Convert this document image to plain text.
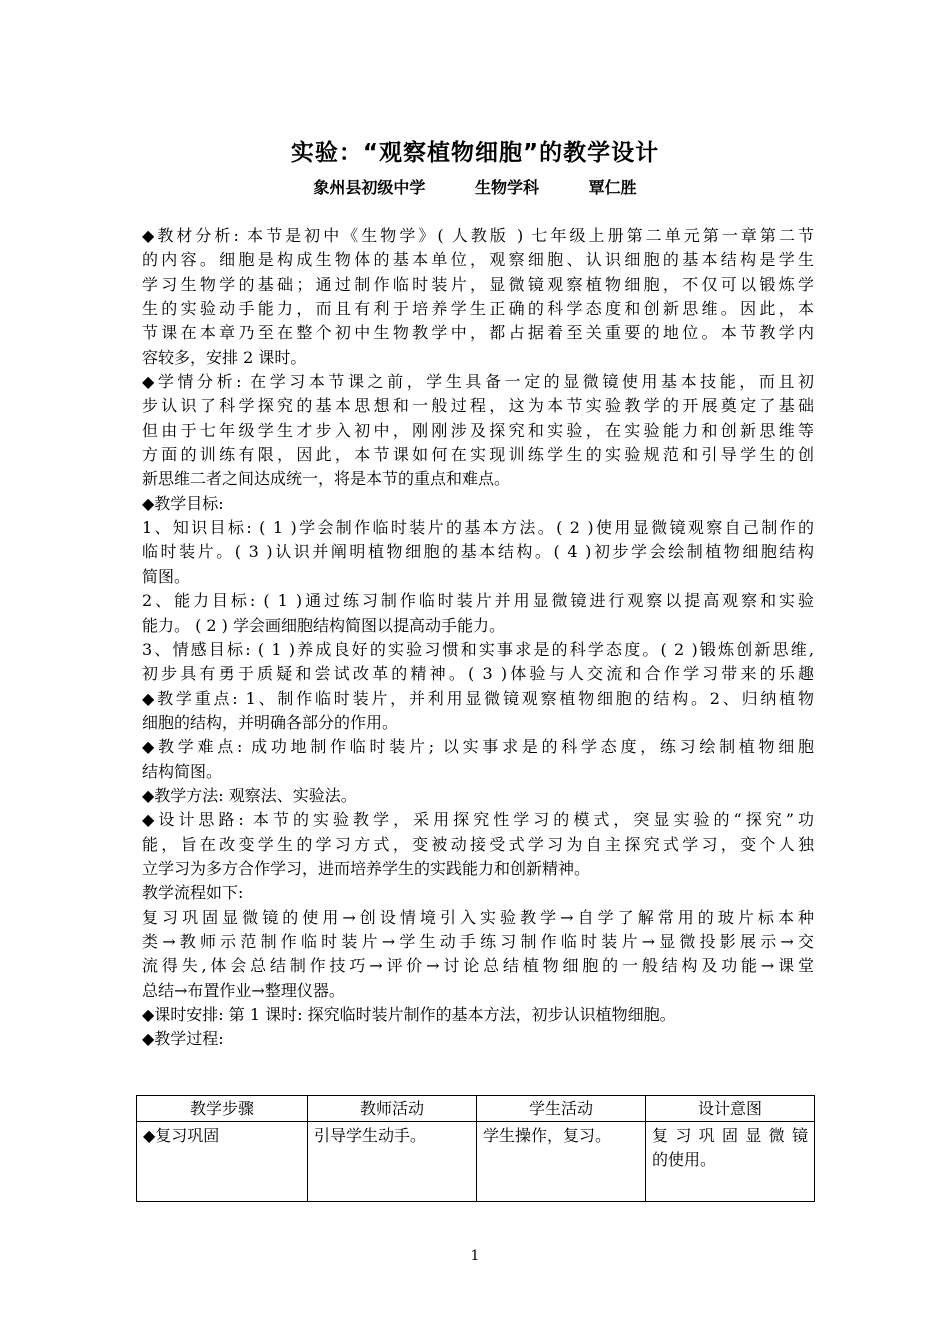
实验：“观察植物细胞”的教学设计
象州县初级中学	生物学科	覃仁胜
◆教材分析: 本节是初中《生物学》( 人教版 ) 七年级上册第二单元第一章第二节
的内容。细胞是构成生物体的基本单位，观察细胞、认识细胞的基本结构是学生
学习生物学的基础；通过制作临时装片，显微镜观察植物细胞，不仅可以锻炼学
生的实验动手能力，而且有利于培养学生正确的科学态度和创新思维。因此，本
节课在本章乃至在整个初中生物教学中，都占据着至关重要的地位。本节教学内
容较多，安排 2 课时。
◆学情分析: 在学习本节课之前，学生具备一定的显微镜使用基本技能，而且初
步认识了科学探究的基本思想和一般过程，这为本节实验教学的开展奠定了基础
但由于七年级学生才步入初中，刚刚涉及探究和实验，在实验能力和创新思维等
方面的训练有限，因此，本节课如何在实现训练学生的实验规范和引导学生的创
新思维二者之间达成统一，将是本节的重点和难点。
◆教学目标:
1、知识目标: ( 1 )学会制作临时装片的基本方法。( 2 )使用显微镜观察自己制作的
临时装片。( 3 )认识并阐明植物细胞的基本结构。( 4 )初步学会绘制植物细胞结构
简图。
2、能力目标: ( 1 )通过练习制作临时装片并用显微镜进行观察以提高观察和实验
能力。 ( 2 ) 学会画细胞结构简图以提高动手能力。
3、情感目标: ( 1 )养成良好的实验习惯和实事求是的科学态度。( 2 )锻炼创新思维,
初步具有勇于质疑和尝试改革的精神。( 3 )体验与人交流和合作学习带来的乐趣
◆教学重点: 1、制作临时装片，并利用显微镜观察植物细胞的结构。2、归纳植物
细胞的结构，并明确各部分的作用。
◆教学难点: 成功地制作临时装片; 以实事求是的科学态度，练习绘制植物细胞
结构简图。
◆教学方法: 观察法、实验法。
◆设计思路: 本节的实验教学，采用探究性学习的模式，突显实验的“探究”功
能，旨在改变学生的学习方式，变被动接受式学习为自主探究式学习，变个人独
立学习为多方合作学习，进而培养学生的实践能力和创新精神。
教学流程如下:
复习巩固显微镜的使用→创设情境引入实验教学→自学了解常用的玻片标本种
类→教师示范制作临时装片→学生动手练习制作临时装片→显微投影展示→交
流得失,体会总结制作技巧→评价→讨论总结植物细胞的一般结构及功能→课堂
总结→布置作业→整理仪器。
◆课时安排: 第 1 课时: 探究临时装片制作的基本方法，初步认识植物细胞。
◆教学过程:
教学步骤	教师活动	学生活动	设计意图
◆复习巩固	引导学生动手。	学生操作，复习。	复习巩固显微镜
的使用。
1
